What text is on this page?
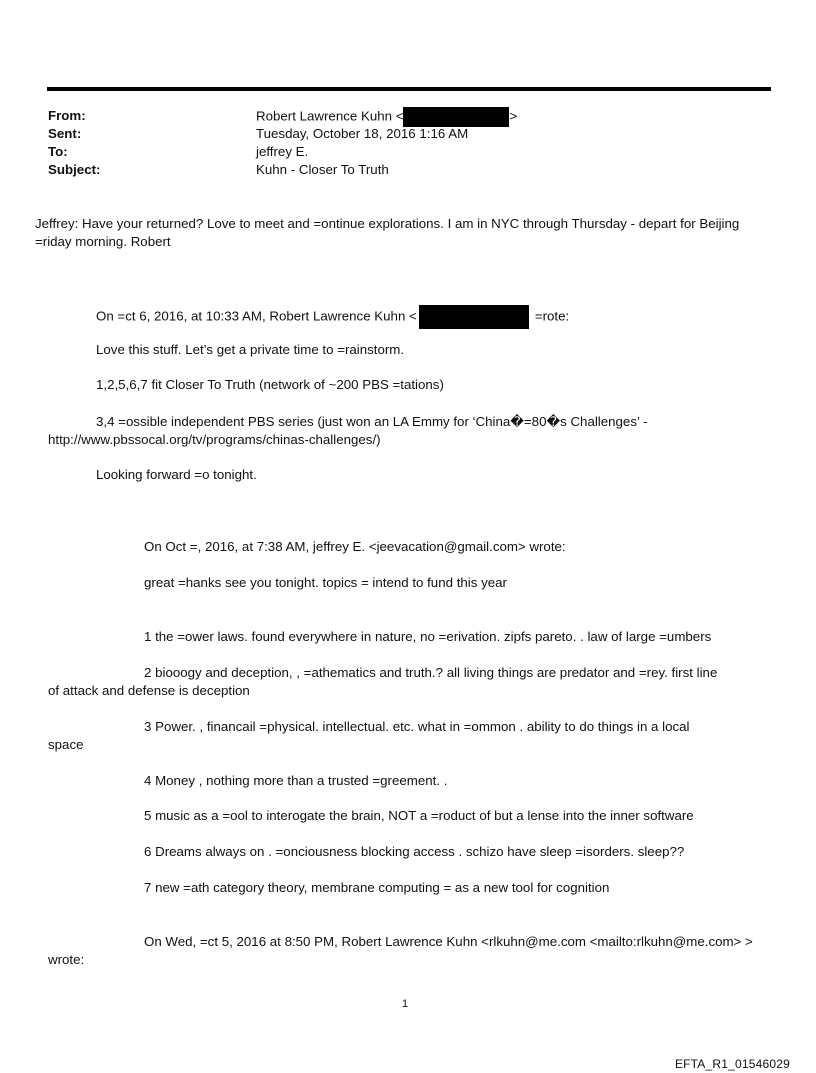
From:	Robert Lawrence Kuhn <	>
Sent:	Tuesday, October 18, 2016 1:16 AM
To:	jeffrey E.
Subject:	Kuhn - Closer To Truth
Jeffrey: Have your returned? Love to meet and =ontinue explorations. I am in NYC through Thursday - depart for Beijing
=riday morning. Robert
On =ct 6, 2016, at 10:33 AM, Robert Lawrence Kuhn <	=rote:
Love this stuff. Let’s get a private time to =rainstorm.
1,2,5,6,7 fit Closer To Truth (network of ~200 PBS =tations)
3,4 =ossible independent PBS series (just won an LA Emmy for ‘China�=80�s Challenges’ -
http://www.pbssocal.org/tv/programs/chinas-challenges/)
Looking forward =o tonight.
On Oct =, 2016, at 7:38 AM, jeffrey E. <jeevacation@gmail.com> wrote:
great =hanks see you tonight. topics = intend to fund this year
1 the =ower laws. found everywhere in nature, no =erivation. zipfs pareto. . law of large =umbers
2 biooogy and deception, , =athematics and truth.? all living things are predator and =rey. first line
of attack and defense is deception
3 Power. , financail =physical. intellectual. etc. what in =ommon . ability to do things in a local
space
4 Money , nothing more than a trusted =greement. .
5 music as a =ool to interogate the brain, NOT a =roduct of but a lense into the inner software
6 Dreams always on . =onciousness blocking access . schizo have sleep =isorders. sleep??
7 new =ath category theory, membrane computing = as a new tool for cognition
On Wed, =ct 5, 2016 at 8:50 PM, Robert Lawrence Kuhn <rlkuhn@me.com <mailto:rlkuhn@me.com> >
wrote:
1
EFTA_R1_01546029
